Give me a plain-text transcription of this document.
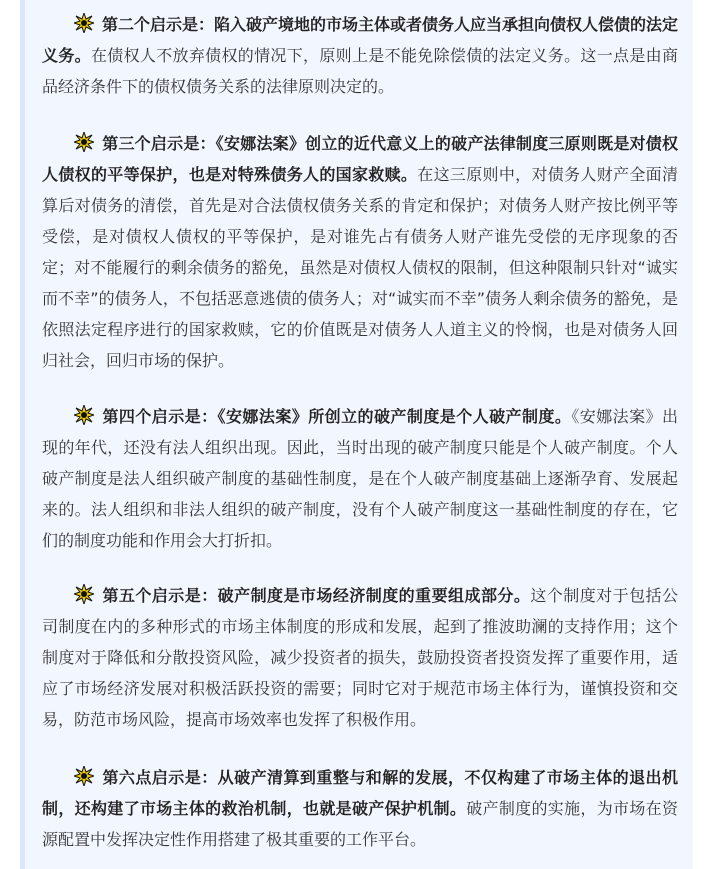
第二个启示是：陷入破产境地的市场主体或者债务人应当承担向债权人偿债的法定义务。在债权人不放弃债权的情况下，原则上是不能免除偿债的法定义务。这一点是由商品经济条件下的债权债务关系的法律原则决定的。

第三个启示是：《安娜法案》创立的近代意义上的破产法律制度三原则既是对债权人债权的平等保护，也是对特殊债务人的国家救赎。在这三原则中，对债务人财产全面清算后对债务的清偿，首先是对合法债权债务关系的肯定和保护；对债务人财产按比例平等受偿，是对债权人债权的平等保护，是对谁先占有债务人财产谁先受偿的无序现象的否定；对不能履行的剩余债务的豁免，虽然是对债权人债权的限制，但这种限制只针对“诚实而不幸”的债务人，不包括恶意逃债的债务人；对“诚实而不幸”债务人剩余债务的豁免，是依照法定程序进行的国家救赎，它的价值既是对债务人人道主义的怜悯，也是对债务人回归社会，回归市场的保护。

第四个启示是：《安娜法案》所创立的破产制度是个人破产制度。《安娜法案》出现的年代，还没有法人组织出现。因此，当时出现的破产制度只能是个人破产制度。个人破产制度是法人组织破产制度的基础性制度，是在个人破产制度基础上逐渐孕育、发展起来的。法人组织和非法人组织的破产制度，没有个人破产制度这一基础性制度的存在，它们的制度功能和作用会大打折扣。

第五个启示是：破产制度是市场经济制度的重要组成部分。这个制度对于包括公司制度在内的多种形式的市场主体制度的形成和发展，起到了推波助澜的支持作用；这个制度对于降低和分散投资风险，减少投资者的损失，鼓励投资者投资发挥了重要作用，适应了市场经济发展对积极活跃投资的需要；同时它对于规范市场主体行为，谨慎投资和交易，防范市场风险，提高市场效率也发挥了积极作用。

第六点启示是：从破产清算到重整与和解的发展，不仅构建了市场主体的退出机制，还构建了市场主体的救治机制，也就是破产保护机制。破产制度的实施，为市场在资源配置中发挥决定性作用搭建了极其重要的工作平台。
